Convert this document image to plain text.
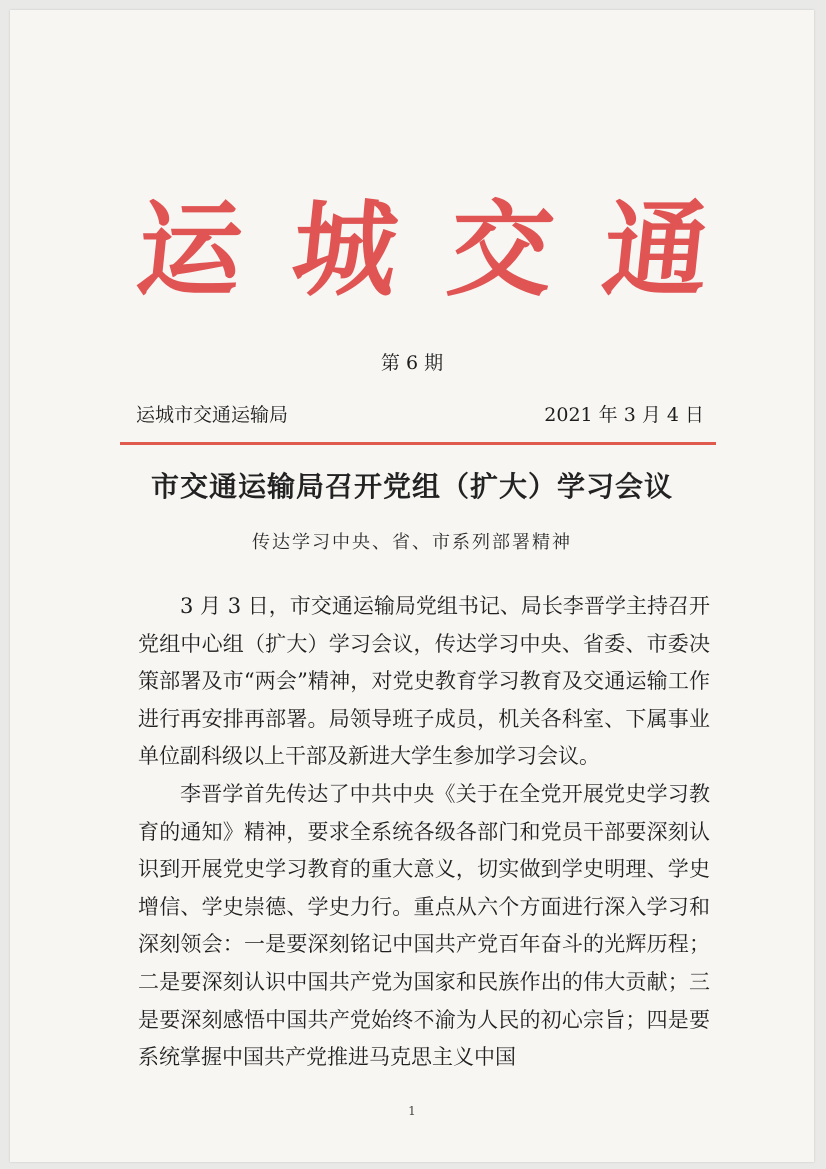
运 城 交 通
第 6 期
运城市交通运输局	2021 年 3 月 4 日
市交通运输局召开党组（扩大）学习会议
传达学习中央、省、市系列部署精神

3 月 3 日，市交通运输局党组书记、局长李晋学主持召开党组中心组（扩大）学习会议，传达学习中央、省委、市委决策部署及市“两会”精神，对党史教育学习教育及交通运输工作进行再安排再部署。局领导班子成员，机关各科室、下属事业单位副科级以上干部及新进大学生参加学习会议。

李晋学首先传达了中共中央《关于在全党开展党史学习教育的通知》精神，要求全系统各级各部门和党员干部要深刻认识到开展党史学习教育的重大意义，切实做到学史明理、学史增信、学史崇德、学史力行。重点从六个方面进行深入学习和深刻领会：一是要深刻铭记中国共产党百年奋斗的光辉历程；二是要深刻认识中国共产党为国家和民族作出的伟大贡献；三是要深刻感悟中国共产党始终不渝为人民的初心宗旨；四是要系统掌握中国共产党推进马克思主义中国

1
